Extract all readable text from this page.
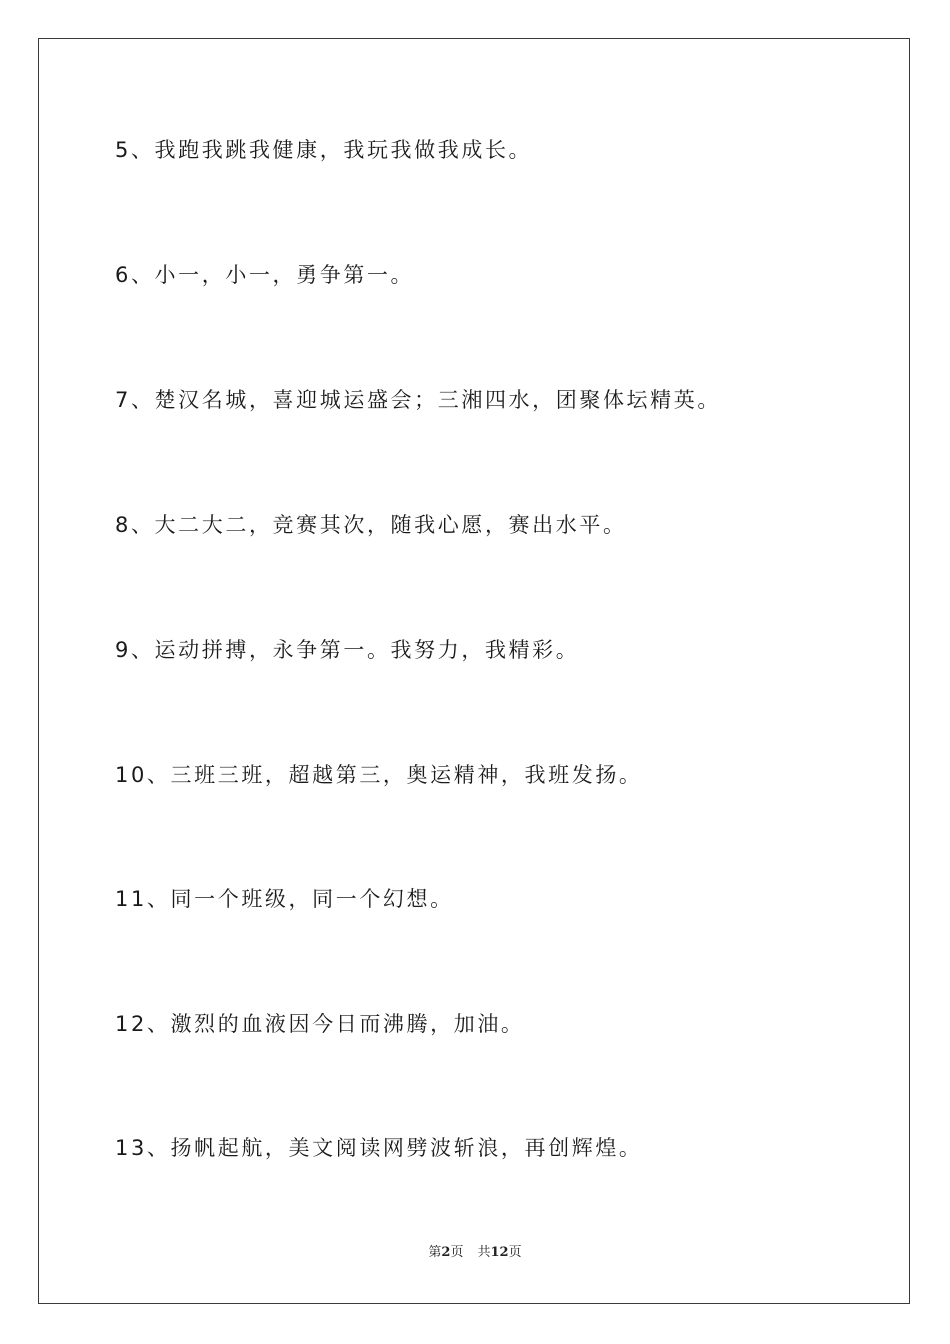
5、我跑我跳我健康，我玩我做我成长。
6、小一，小一，勇争第一。
7、楚汉名城，喜迎城运盛会；三湘四水，团聚体坛精英。
8、大二大二，竞赛其次，随我心愿，赛出水平。
9、运动拼搏，永争第一。我努力，我精彩。
10、三班三班，超越第三，奥运精神，我班发扬。
11、同一个班级，同一个幻想。
12、激烈的血液因今日而沸腾，加油。
13、扬帆起航，美文阅读网劈波斩浪，再创辉煌。
第2页 共12页
